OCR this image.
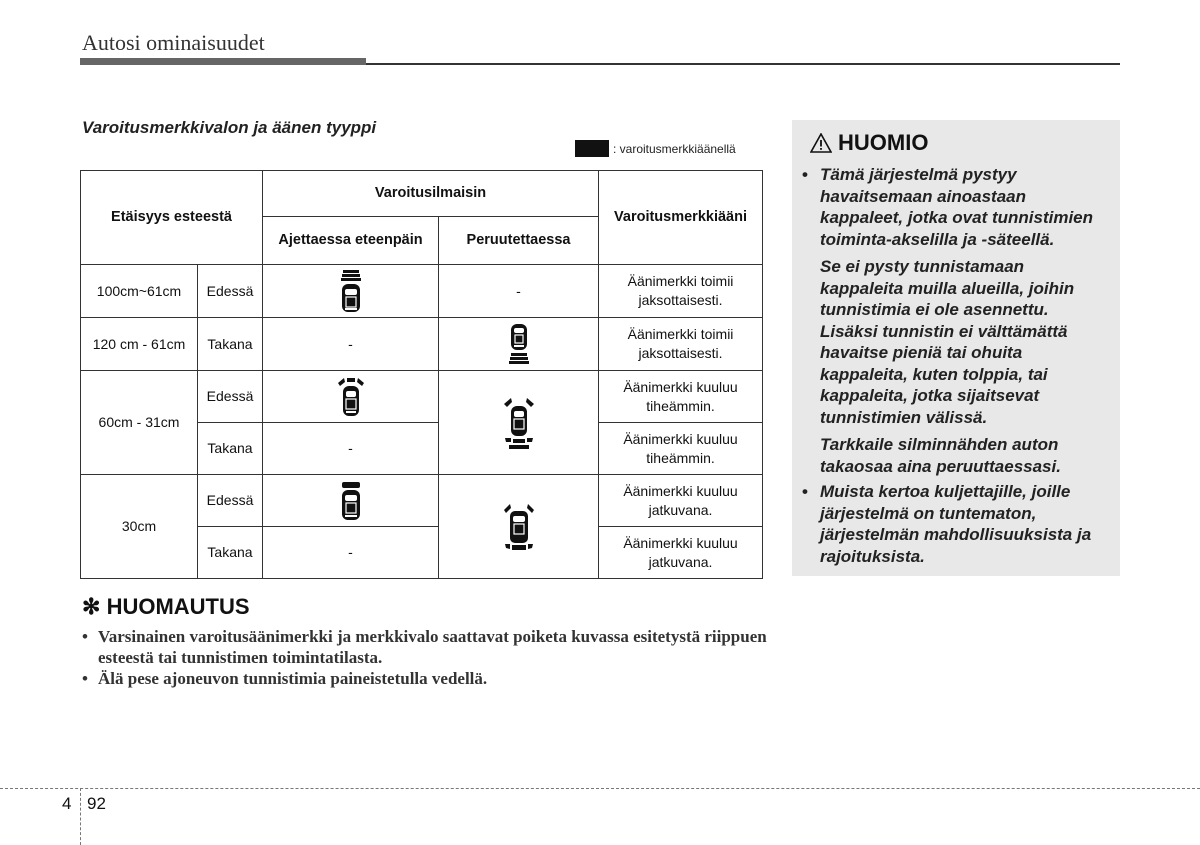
Autosi ominaisuudet
Varoitusmerkkivalon ja äänen tyyppi
: varoitusmerkkiäänellä
Etäisyys esteestä		Varoitusilmaisin		Varoitusmerkkiääni
		Ajettaessa eteenpäin	Peruutettaessa	
100cm~61cm	Edessä		-	Äänimerkki toimii jaksottaisesti.
120 cm - 61cm	Takana	-		Äänimerkki toimii jaksottaisesti.
60cm - 31cm	Edessä			Äänimerkki kuuluu tiheämmin.
	Takana	-		Äänimerkki kuuluu tiheämmin.
30cm	Edessä			Äänimerkki kuuluu jatkuvana.
	Takana	-		Äänimerkki kuuluu jatkuvana.
HUOMIO
• Tämä järjestelmä pystyy havaitsemaan ainoastaan kappaleet, jotka ovat tunnistimien toiminta-akselilla ja -säteellä.
Se ei pysty tunnistamaan kappaleita muilla alueilla, joihin tunnistimia ei ole asennettu. Lisäksi tunnistin ei välttämättä havaitse pieniä tai ohuita kappaleita, kuten tolppia, tai kappaleita, jotka sijaitsevat tunnistimien välissä.
Tarkkaile silminnähden auton takaosaa aina peruuttaessasi.
• Muista kertoa kuljettajille, joille järjestelmä on tuntematon, järjestelmän mahdollisuuksista ja rajoituksista.
✻ HUOMAUTUS
• Varsinainen varoitusäänimerkki ja merkkivalo saattavat poiketa kuvassa esitetystä riippuen esteestä tai tunnistimen toimintatilasta.
• Älä pese ajoneuvon tunnistimia paineistetulla vedellä.
4 92
